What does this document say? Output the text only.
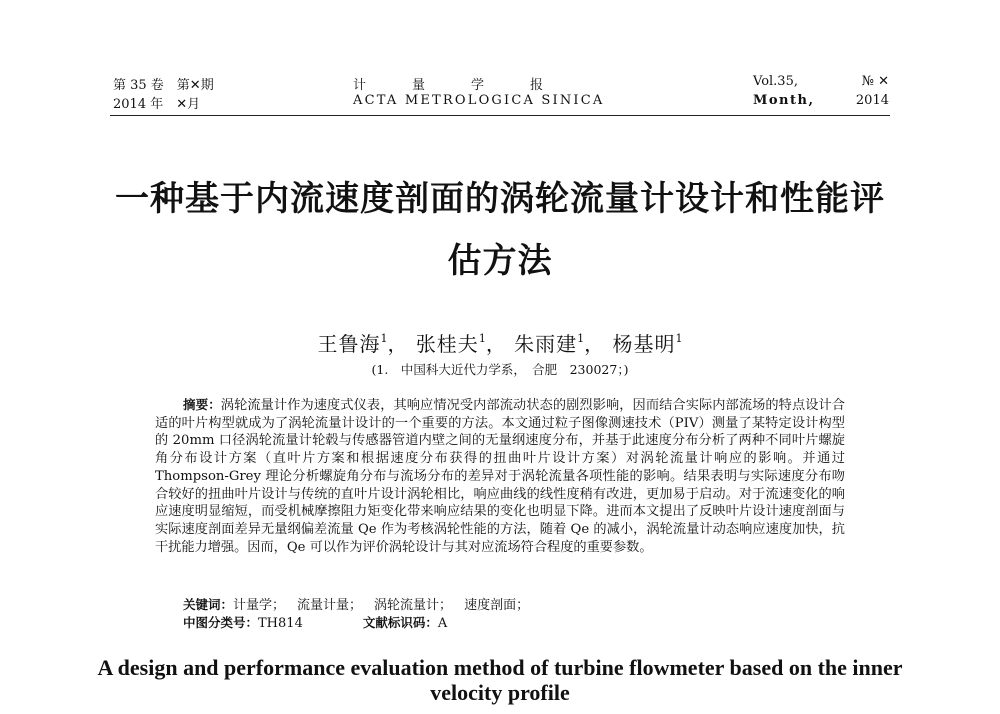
第 35 卷　第✕期	计量学报	Vol.35,	№ ✕
2014 年　✕月	ACTA METROLOGICA SINICA	Month,	2014
一种基于内流速度剖面的涡轮流量计设计和性能评估方法
王鲁海$^1$， 张桂夫$^1$， 朱雨建$^1$， 杨基明$^1$
(1.　中国科大近代力学系，　合肥　230027；)
摘要：涡轮流量计作为速度式仪表，其响应情况受内部流动状态的剧烈影响，因而结合实际内部流场的特点设计合适的叶片构型就成为了涡轮流量计设计的一个重要的方法。本文通过粒子图像测速技术（PIV）测量了某特定设计构型的 20mm 口径涡轮流量计轮毂与传感器管道内壁之间的无量纲速度分布，并基于此速度分布分析了两种不同叶片螺旋角分布设计方案（直叶片方案和根据速度分布获得的扭曲叶片设计方案）对涡轮流量计响应的影响。并通过 Thompson-Grey 理论分析螺旋角分布与流场分布的差异对于涡轮流量各项性能的影响。结果表明与实际速度分布吻合较好的扭曲叶片设计与传统的直叶片设计涡轮相比，响应曲线的线性度稍有改进，更加易于启动。对于流速变化的响应速度明显缩短，而受机械摩擦阻力矩变化带来响应结果的变化也明显下降。进而本文提出了反映叶片设计速度剖面与实际速度剖面差异无量纲偏差流量 Qe 作为考核涡轮性能的方法，随着 Qe 的减小，涡轮流量计动态响应速度加快，抗干扰能力增强。因而，Qe 可以作为评价涡轮设计与其对应流场符合程度的重要参数。
关键词：计量学； 流量计量； 涡轮流量计； 速度剖面；
中图分类号：TH814	文献标识码：A
A design and performance evaluation method of turbine flowmeter based on the inner velocity profile
